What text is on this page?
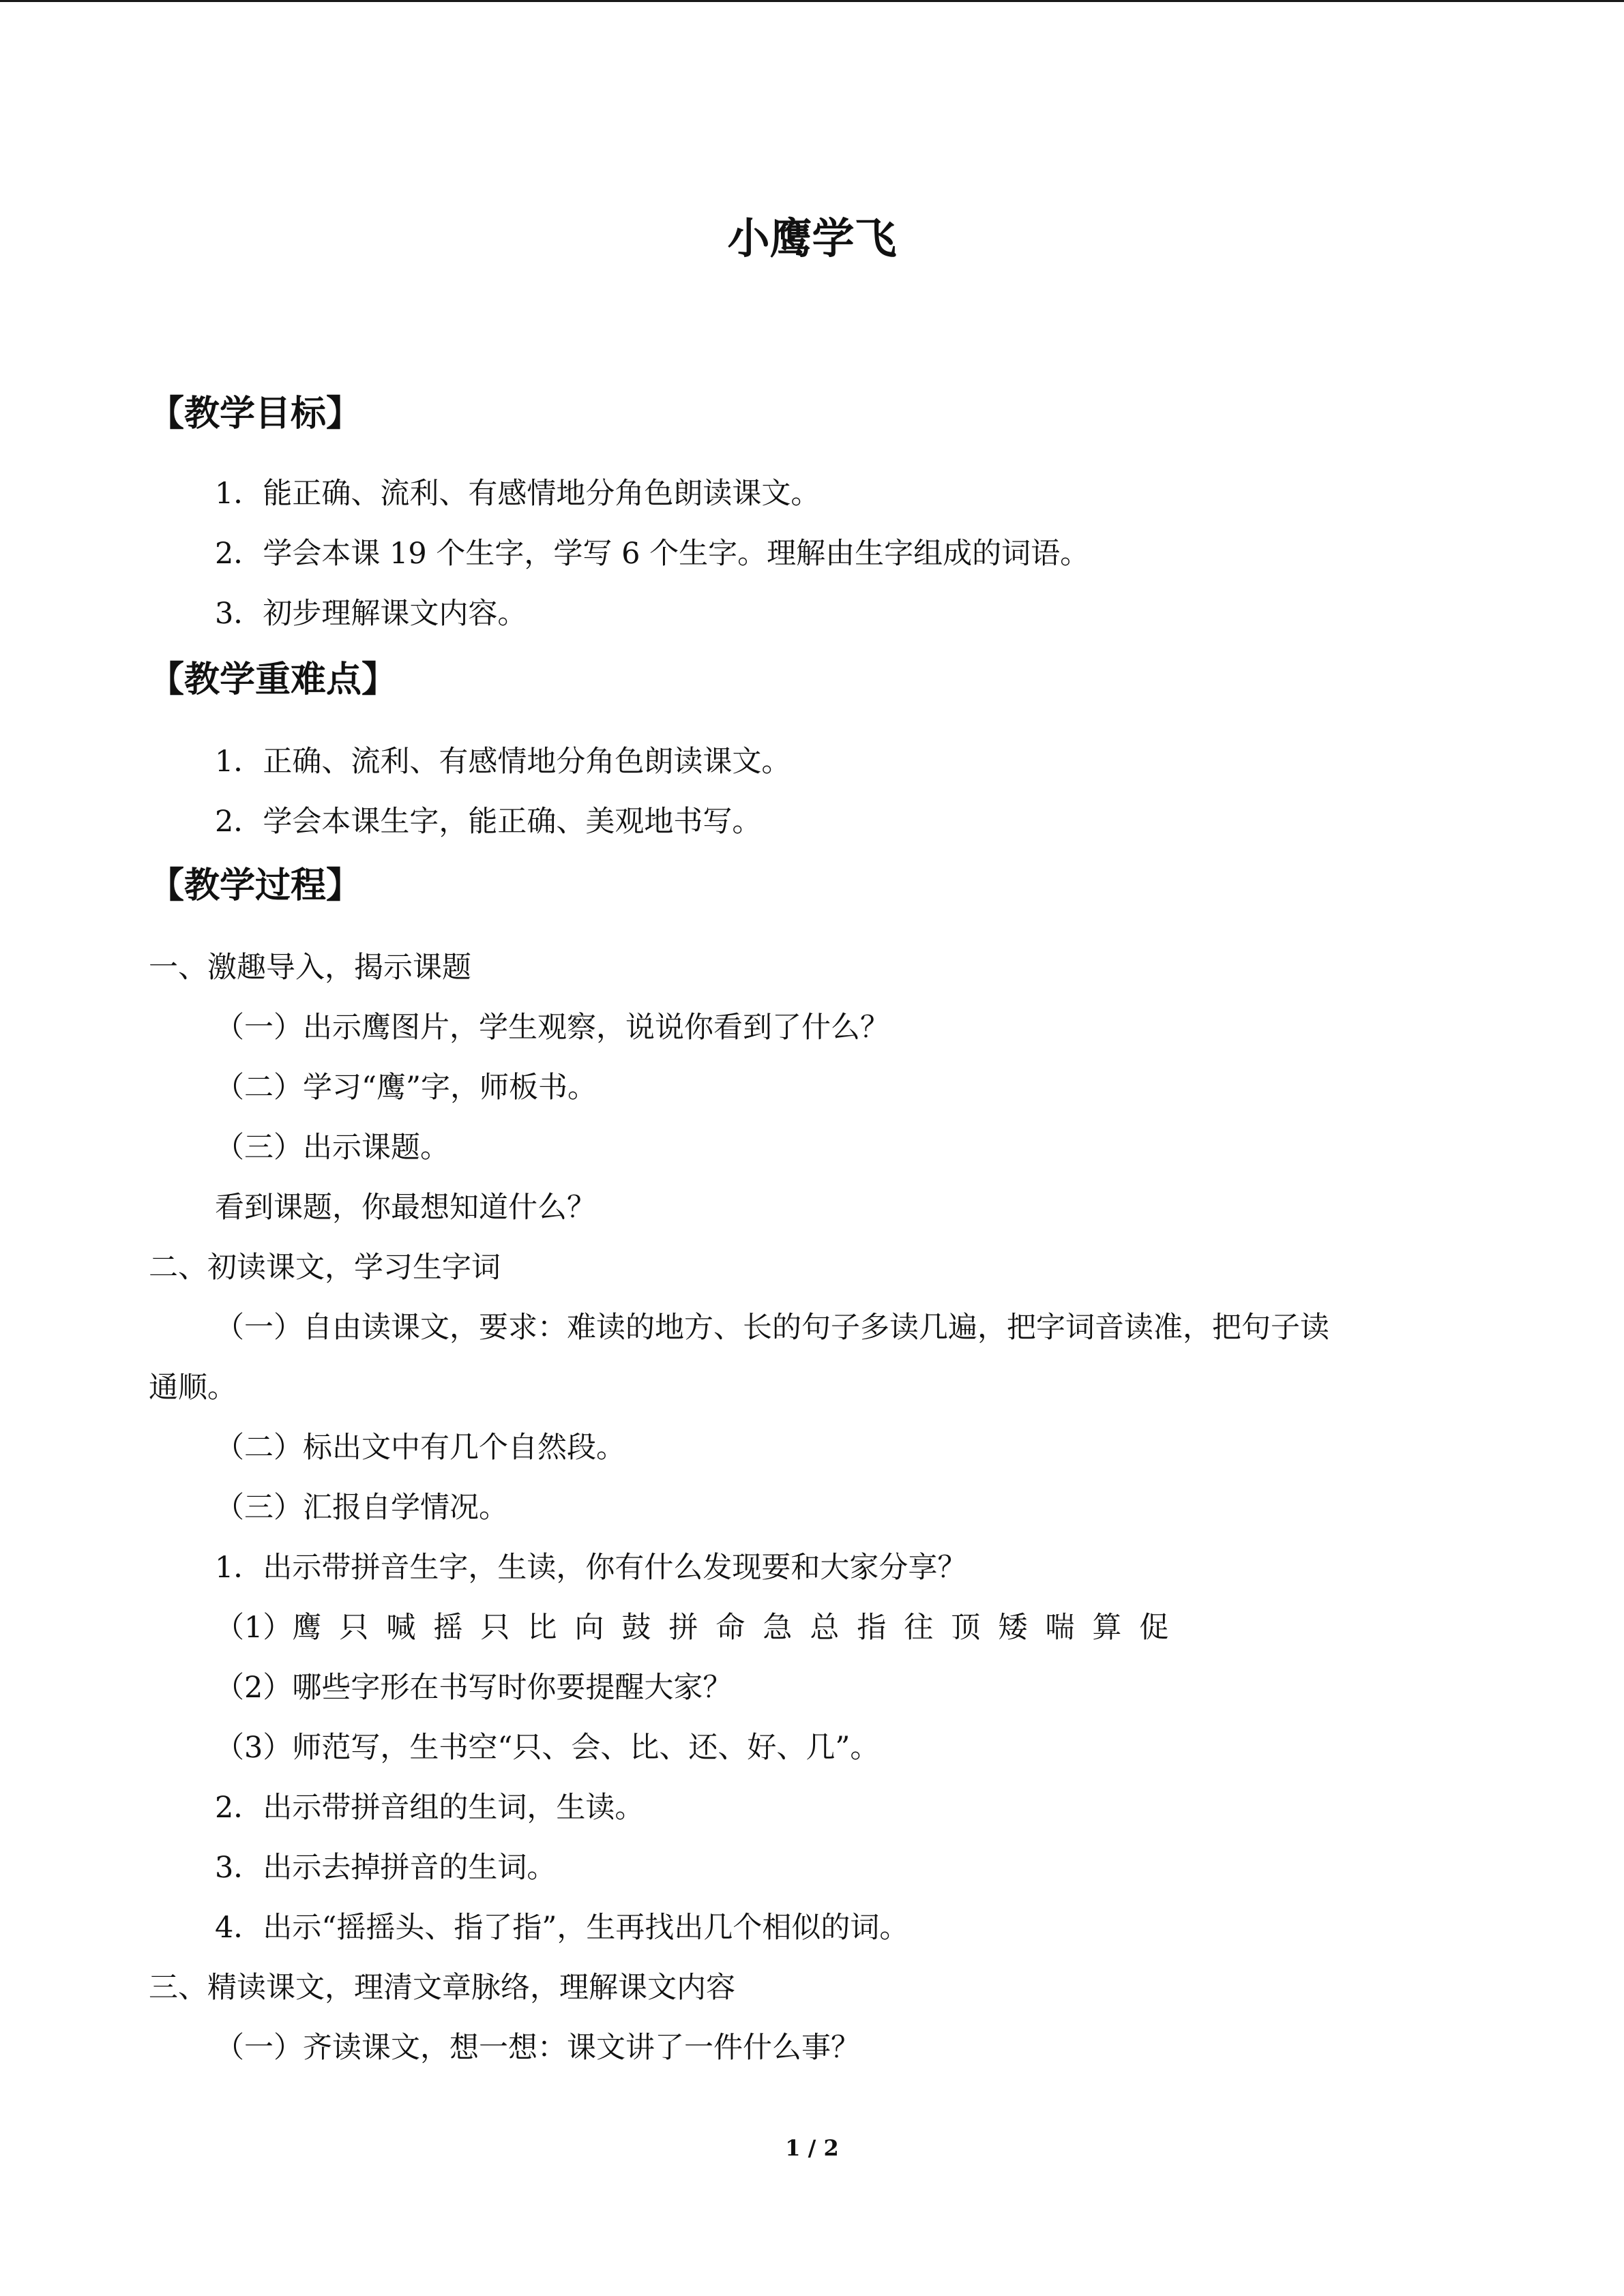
小鹰学飞
【教学目标】

1．能正确、流利、有感情地分角色朗读课文。

2．学会本课 19 个生字，学写 6 个生字。理解由生字组成的词语。

3．初步理解课文内容。

【教学重难点】

1．正确、流利、有感情地分角色朗读课文。

2．学会本课生字，能正确、美观地书写。

【教学过程】

一、激趣导入，揭示课题

（一）出示鹰图片，学生观察，说说你看到了什么？

（二）学习“鹰”字，师板书。

（三）出示课题。

看到课题，你最想知道什么？

二、初读课文，学习生字词

（一）自由读课文，要求：难读的地方、长的句子多读几遍，把字词音读准，把句子读

通顺。

（二）标出文中有几个自然段。

（三）汇报自学情况。

1．出示带拼音生字，生读，你有什么发现要和大家分享？

（1）鹰只喊摇只比向鼓拼命急总指往顶矮喘算促

（2）哪些字形在书写时你要提醒大家？

（3）师范写，生书空“只、会、比、还、好、几”。

2．出示带拼音组的生词，生读。

3．出示去掉拼音的生词。

4．出示“摇摇头、指了指”，生再找出几个相似的词。

三、精读课文，理清文章脉络，理解课文内容

（一）齐读课文，想一想：课文讲了一件什么事？

1 / 2
